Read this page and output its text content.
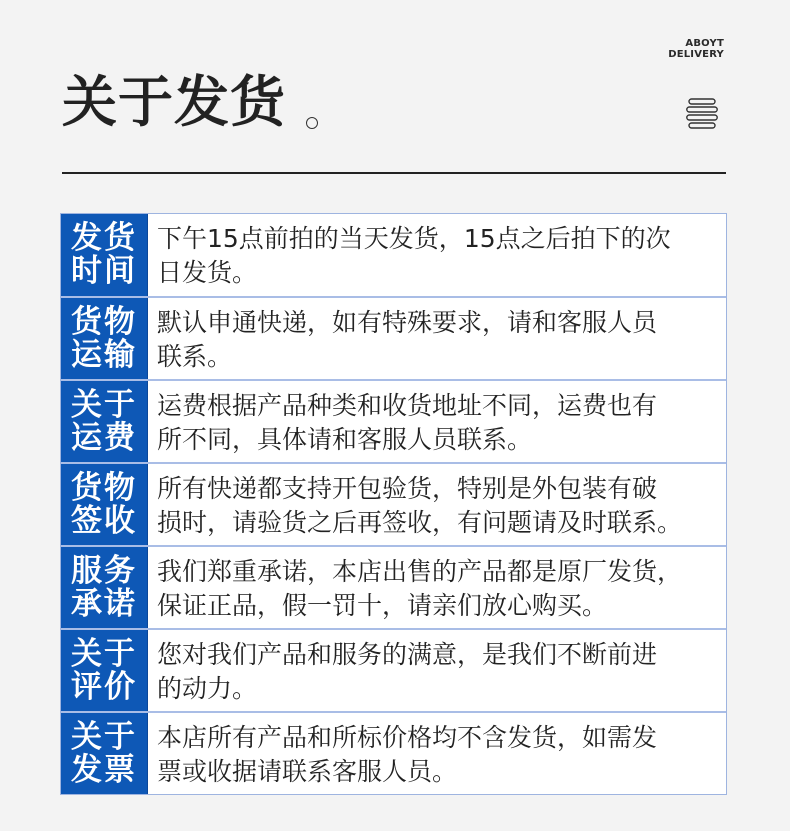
ABOYT
DELIVERY
关于发货
发货时间
下午15点前拍的当天发货，15点之后拍下的次
日发货。
货物运输
默认申通快递，如有特殊要求，请和客服人员
联系。
关于运费
运费根据产品种类和收货地址不同，运费也有
所不同，具体请和客服人员联系。
货物签收
所有快递都支持开包验货，特别是外包装有破
损时，请验货之后再签收，有问题请及时联系。
服务承诺
我们郑重承诺，本店出售的产品都是原厂发货，
保证正品，假一罚十，请亲们放心购买。
关于评价
您对我们产品和服务的满意，是我们不断前进
的动力。
关于发票
本店所有产品和所标价格均不含发货，如需发
票或收据请联系客服人员。
